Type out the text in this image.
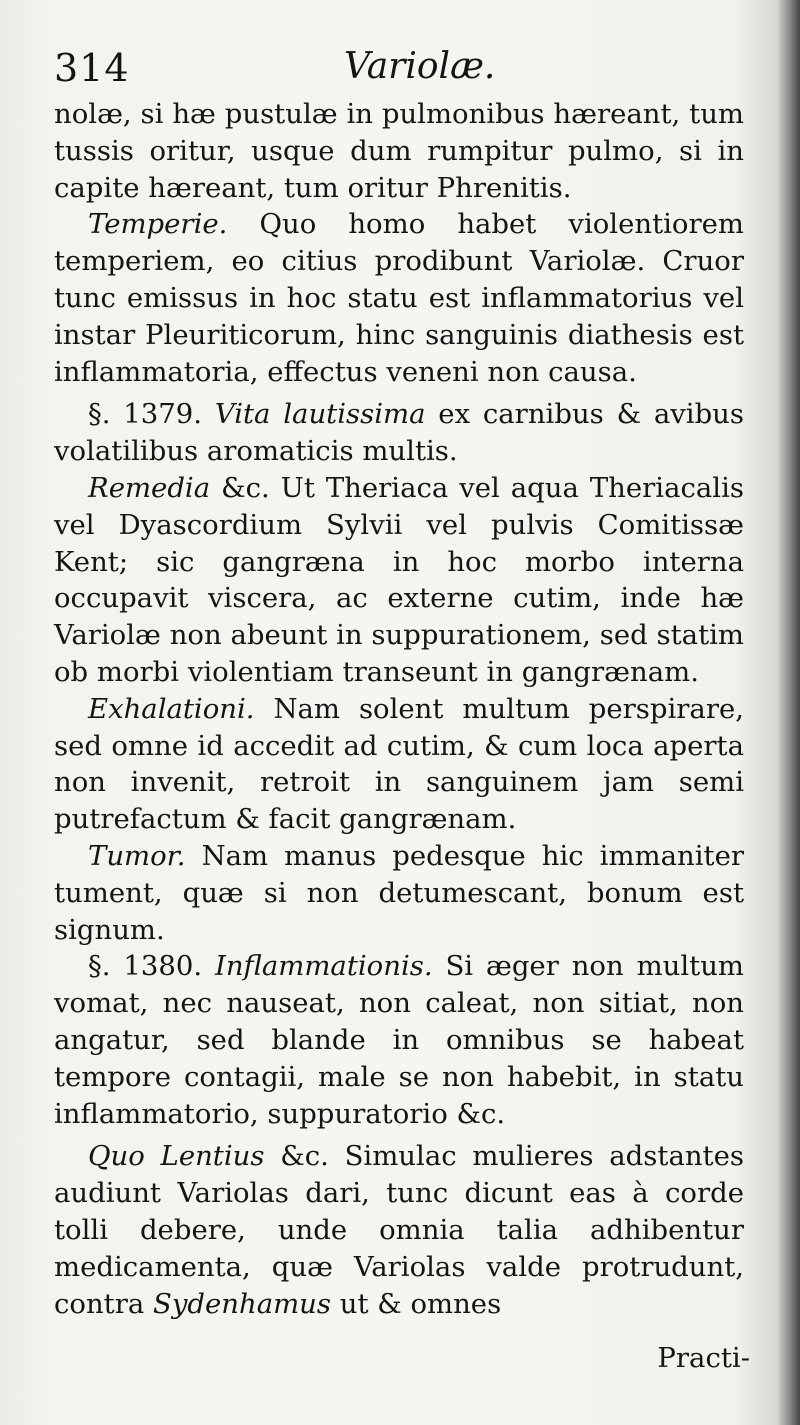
314	Variolæ.

nolæ, si hæ pustulæ in pulmonibus hæreant, tum tussis oritur, usque dum rumpitur pulmo, si in capite hæreant, tum oritur Phrenitis.

Temperie. Quo homo habet violentiorem temperiem, eo citius prodibunt Variolæ. Cruor tunc emissus in hoc statu est inflammatorius vel instar Pleuriticorum, hinc sanguinis diathesis est inflammatoria, effectus veneni non causa.

§. 1379. Vita lautissima ex carnibus & avibus volatilibus aromaticis multis.

Remedia &c. Ut Theriaca vel aqua Theriacalis vel Dyascordium Sylvii vel pulvis Comitissæ Kent; sic gangræna in hoc morbo interna occupavit viscera, ac externe cutim, inde hæ Variolæ non abeunt in suppurationem, sed statim ob morbi violentiam transeunt in gangrænam.

Exhalationi. Nam solent multum perspirare, sed omne id accedit ad cutim, & cum loca aperta non invenit, retroit in sanguinem jam semi putrefactum & facit gangrænam.

Tumor. Nam manus pedesque hic immaniter tument, quæ si non detumescant, bonum est signum.

§. 1380. Inflammationis. Si æger non multum vomat, nec nauseat, non caleat, non sitiat, non angatur, sed blande in omnibus se habeat tempore contagii, male se non habebit, in statu inflammatorio, suppuratorio &c.

Quo Lentius &c. Simulac mulieres adstantes audiunt Variolas dari, tunc dicunt eas à corde tolli debere, unde omnia talia adhibentur medicamenta, quæ Variolas valde protrudunt, contra Sydenhamus ut & omnes

Practi-
